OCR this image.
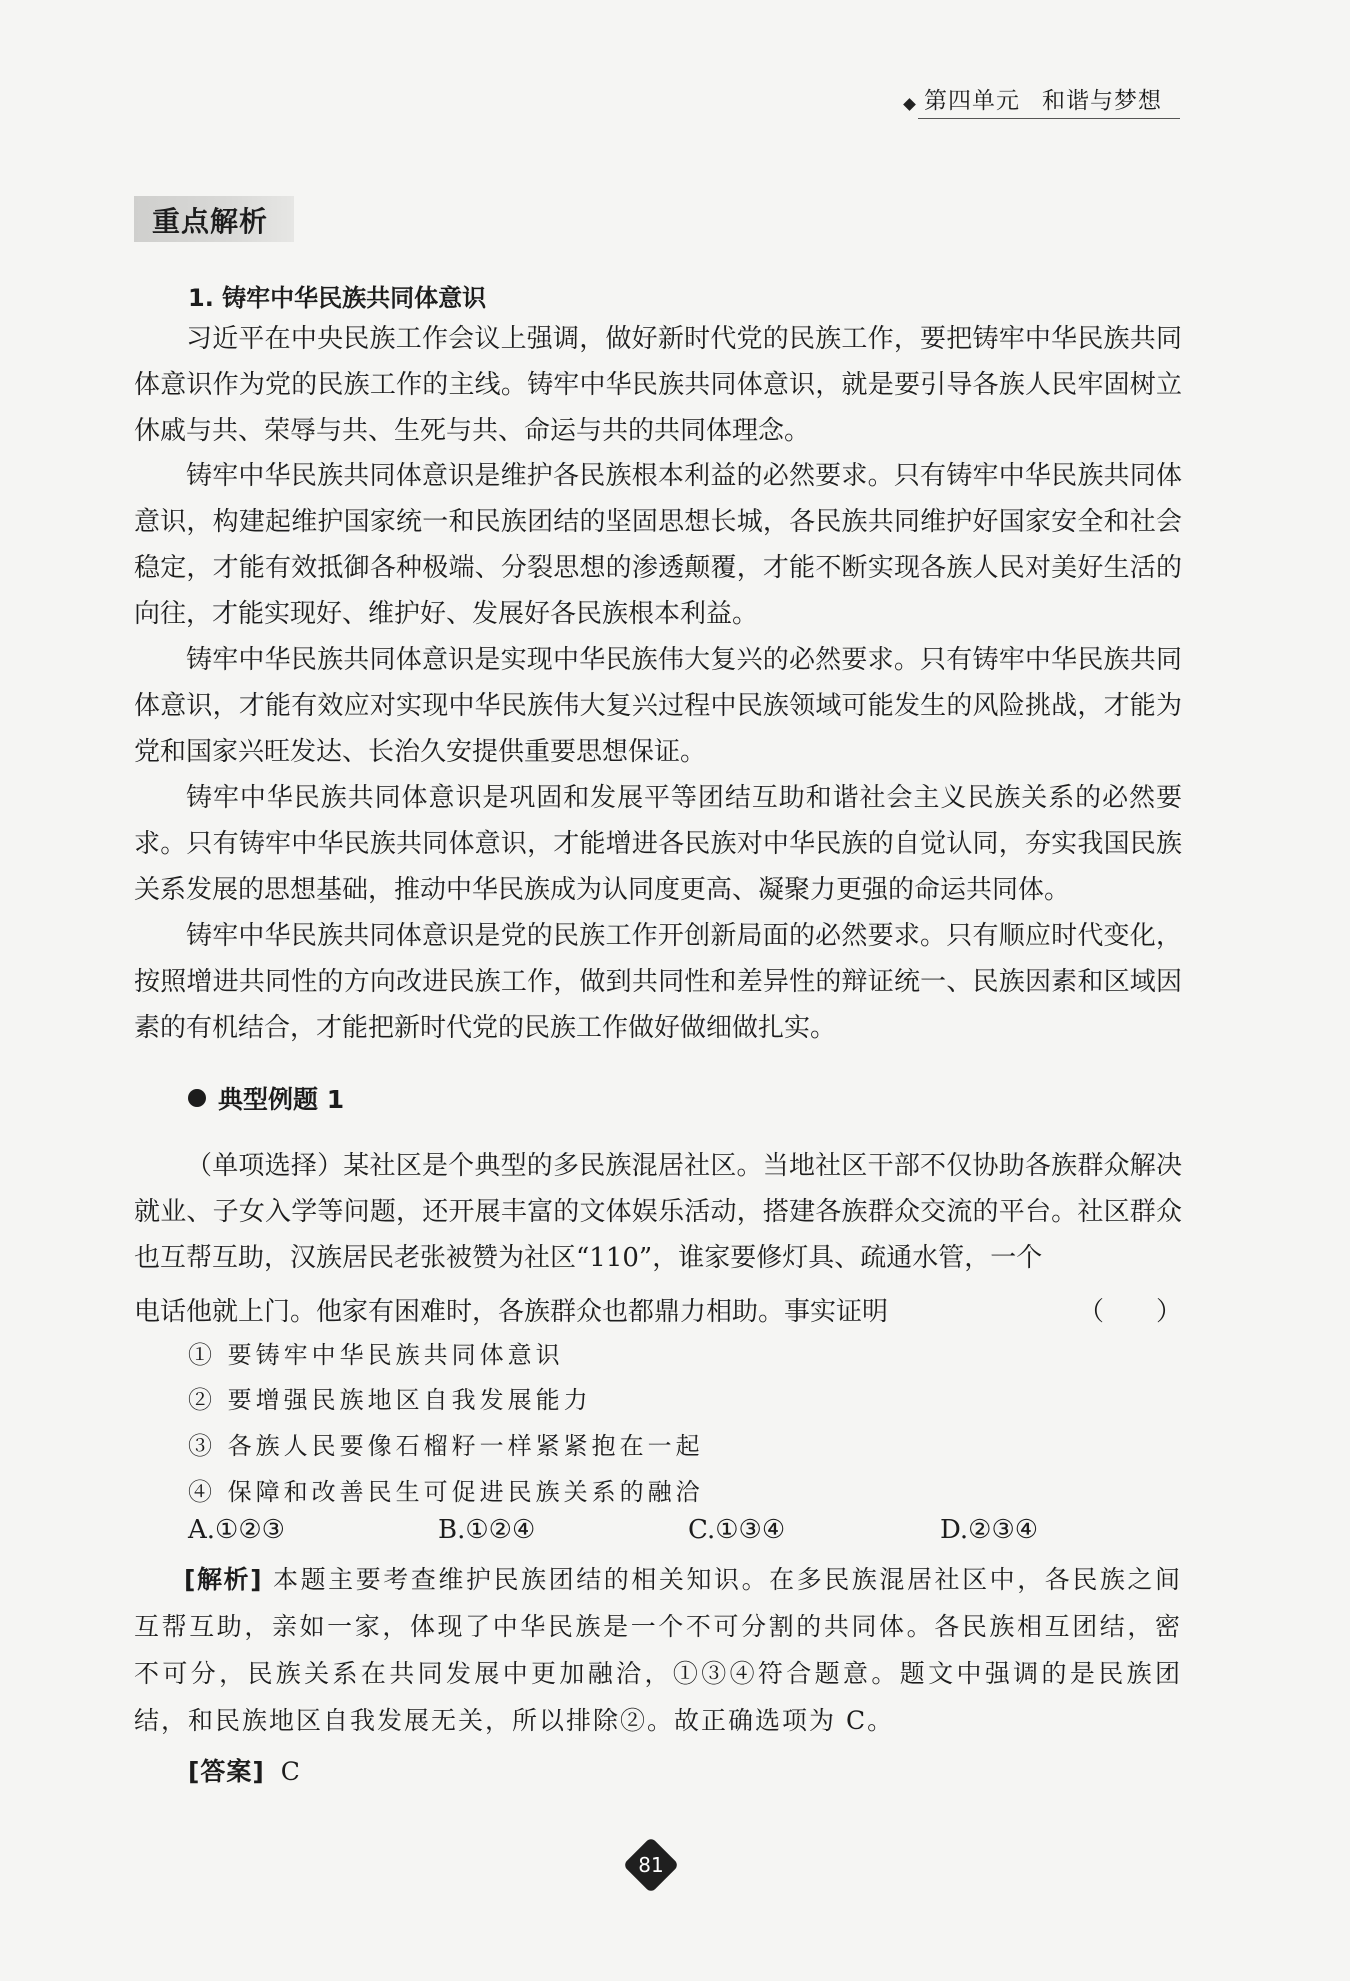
第四单元 和谐与梦想
重点解析
1. 铸牢中华民族共同体意识

习近平在中央民族工作会议上强调，做好新时代党的民族工作，要把铸牢中华民族共同体意识作为党的民族工作的主线。铸牢中华民族共同体意识，就是要引导各族人民牢固树立休戚与共、荣辱与共、生死与共、命运与共的共同体理念。

铸牢中华民族共同体意识是维护各民族根本利益的必然要求。只有铸牢中华民族共同体意识，构建起维护国家统一和民族团结的坚固思想长城，各民族共同维护好国家安全和社会稳定，才能有效抵御各种极端、分裂思想的渗透颠覆，才能不断实现各族人民对美好生活的向往，才能实现好、维护好、发展好各民族根本利益。

铸牢中华民族共同体意识是实现中华民族伟大复兴的必然要求。只有铸牢中华民族共同体意识，才能有效应对实现中华民族伟大复兴过程中民族领域可能发生的风险挑战，才能为党和国家兴旺发达、长治久安提供重要思想保证。

铸牢中华民族共同体意识是巩固和发展平等团结互助和谐社会主义民族关系的必然要求。只有铸牢中华民族共同体意识，才能增进各民族对中华民族的自觉认同，夯实我国民族关系发展的思想基础，推动中华民族成为认同度更高、凝聚力更强的命运共同体。

铸牢中华民族共同体意识是党的民族工作开创新局面的必然要求。只有顺应时代变化，按照增进共同性的方向改进民族工作，做到共同性和差异性的辩证统一、民族因素和区域因素的有机结合，才能把新时代党的民族工作做好做细做扎实。

典型例题 1

（单项选择）某社区是个典型的多民族混居社区。当地社区干部不仅协助各族群众解决就业、子女入学等问题，还开展丰富的文体娱乐活动，搭建各族群众交流的平台。社区群众也互帮互助，汉族居民老张被赞为社区“110”，谁家要修灯具、疏通水管，一个

电话他就上门。他家有困难时，各族群众也都鼎力相助。事实证明	（　　）
① 要铸牢中华民族共同体意识
② 要增强民族地区自我发展能力
③ 各族人民要像石榴籽一样紧紧抱在一起
④ 保障和改善民生可促进民族关系的融洽
A.①②③	B.①②④	C.①③④	D.②③④

[解析] 本题主要考查维护民族团结的相关知识。在多民族混居社区中，各民族之间互帮互助，亲如一家，体现了中华民族是一个不可分割的共同体。各民族相互团结，密不可分，民族关系在共同发展中更加融洽，①③④符合题意。题文中强调的是民族团结，和民族地区自我发展无关，所以排除②。故正确选项为 C。

[答案] C
81
